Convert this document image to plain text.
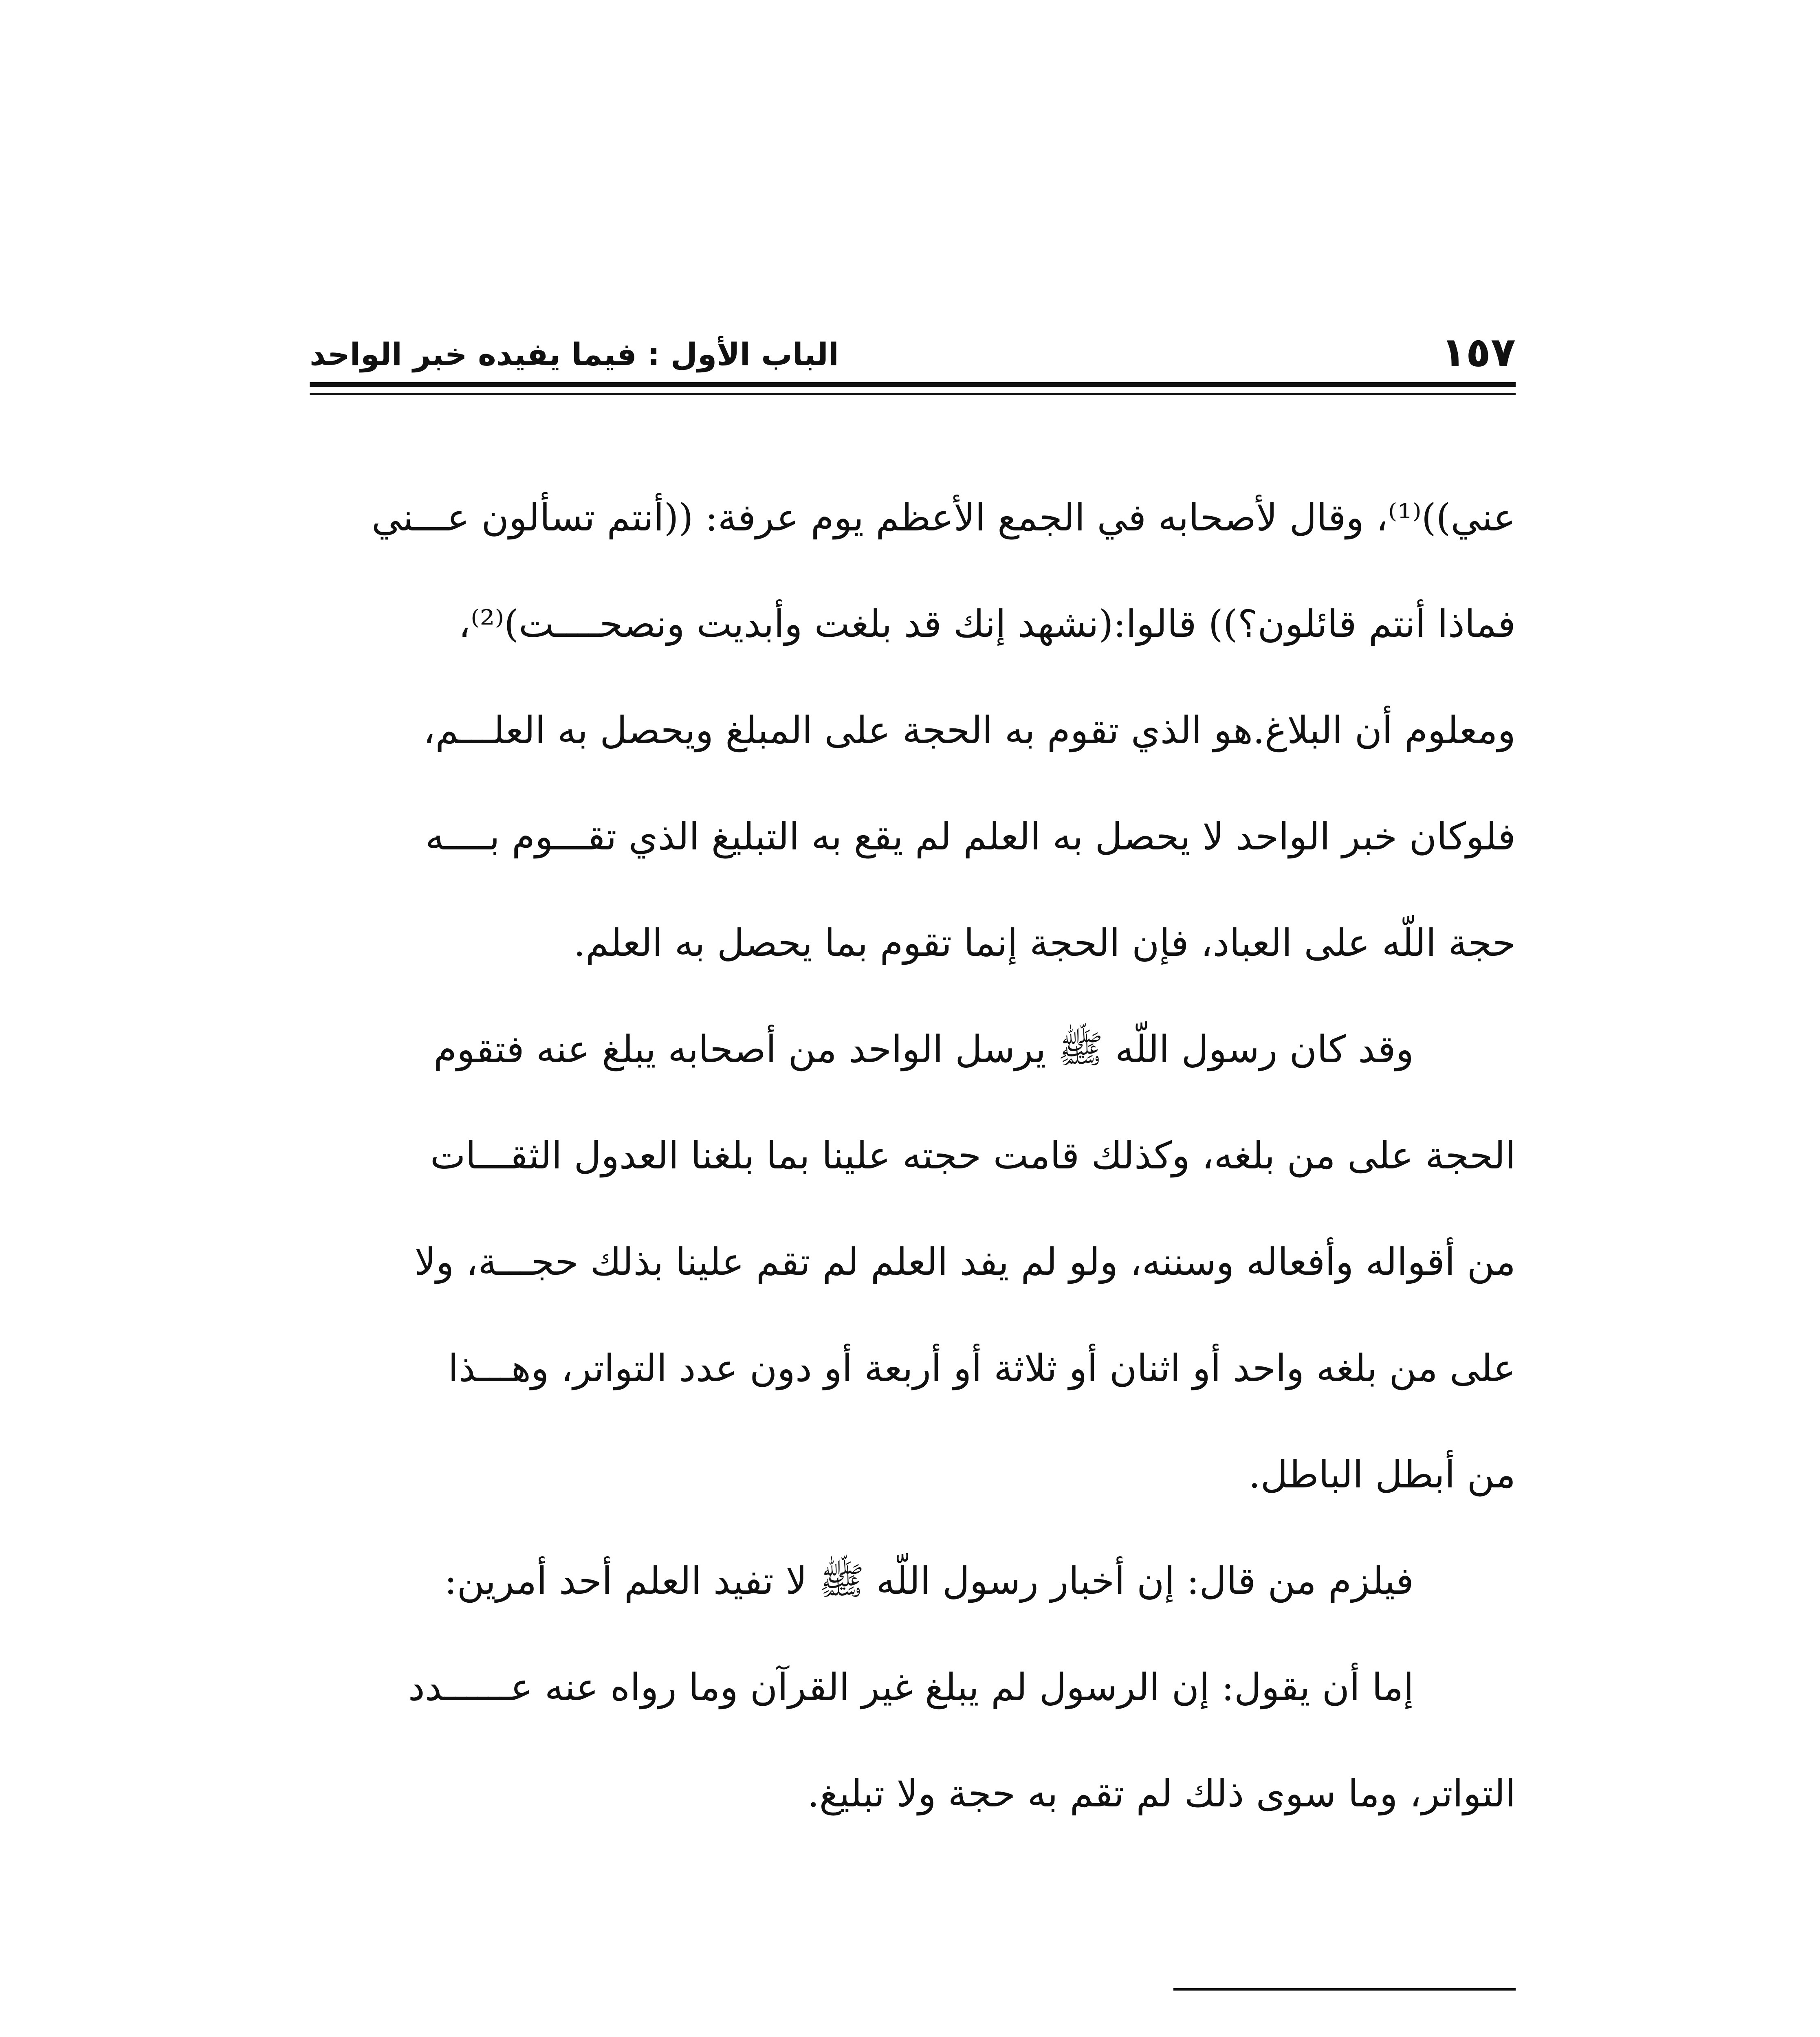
١٥٧
الباب الأول : فيما يفيده خبر الواحد
عني))⁽¹⁾، وقال لأصحابه في الجمع الأعظم يوم عرفة: ((أنتم تسألون عـــني
فماذا أنتم قائلون؟)) قالوا:(نشهد إنك قد بلغت وأبديت ونصحــــت)⁽²⁾،
ومعلوم أن البلاغ.هو الذي تقوم به الحجة على المبلغ ويحصل به العلـــم،
فلوكان خبر الواحد لا يحصل به العلم لم يقع به التبليغ الذي تقـــوم بــــه
حجة اللّه على العباد، فإن الحجة إنما تقوم بما يحصل به العلم.
وقد كان رسول اللّه ﷺ يرسل الواحد من أصحابه يبلغ عنه فتقوم
الحجة على من بلغه، وكذلك قامت حجته علينا بما بلغنا العدول الثقـــات
من أقواله وأفعاله وسننه، ولو لم يفد العلم لم تقم علينا بذلك حجـــة، ولا
على من بلغه واحد أو اثنان أو ثلاثة أو أربعة أو دون عدد التواتر، وهـــذا
من أبطل الباطل.
فيلزم من قال: إن أخبار رسول اللّه ﷺ لا تفيد العلم أحد أمرين:
إما أن يقول: إن الرسول لم يبلغ غير القرآن وما رواه عنه عــــــدد
التواتر، وما سوى ذلك لم تقم به حجة ولا تبليغ.
